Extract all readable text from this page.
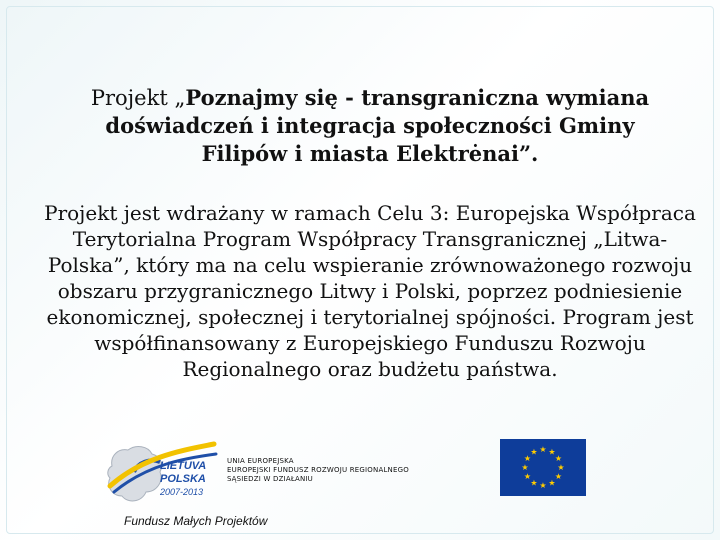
Projekt „Poznajmy się - transgraniczna wymiana doświadczeń i integracja społeczności Gminy Filipów i miasta Elektrėnai”.
Projekt jest wdrażany w ramach Celu 3: Europejska Współpraca Terytorialna Program Współpracy Transgranicznej „Litwa-Polska”, który ma na celu wspieranie zrównoważonego rozwoju obszaru przygranicznego Litwy i Polski, poprzez podniesienie ekonomicznej, społecznej i terytorialnej spójności. Program jest współfinansowany z Europejskiego Funduszu Rozwoju Regionalnego oraz budżetu państwa.
LIETUVA
POLSKA
2007-2013
UNIA EUROPEJSKA
EUROPEJSKI FUNDUSZ ROZWOJU REGIONALNEGO
SĄSIEDZI W DZIAŁANIU
★ ★
★
★
★
★
★
★
★
★
★
★
Fundusz Małych Projektów
